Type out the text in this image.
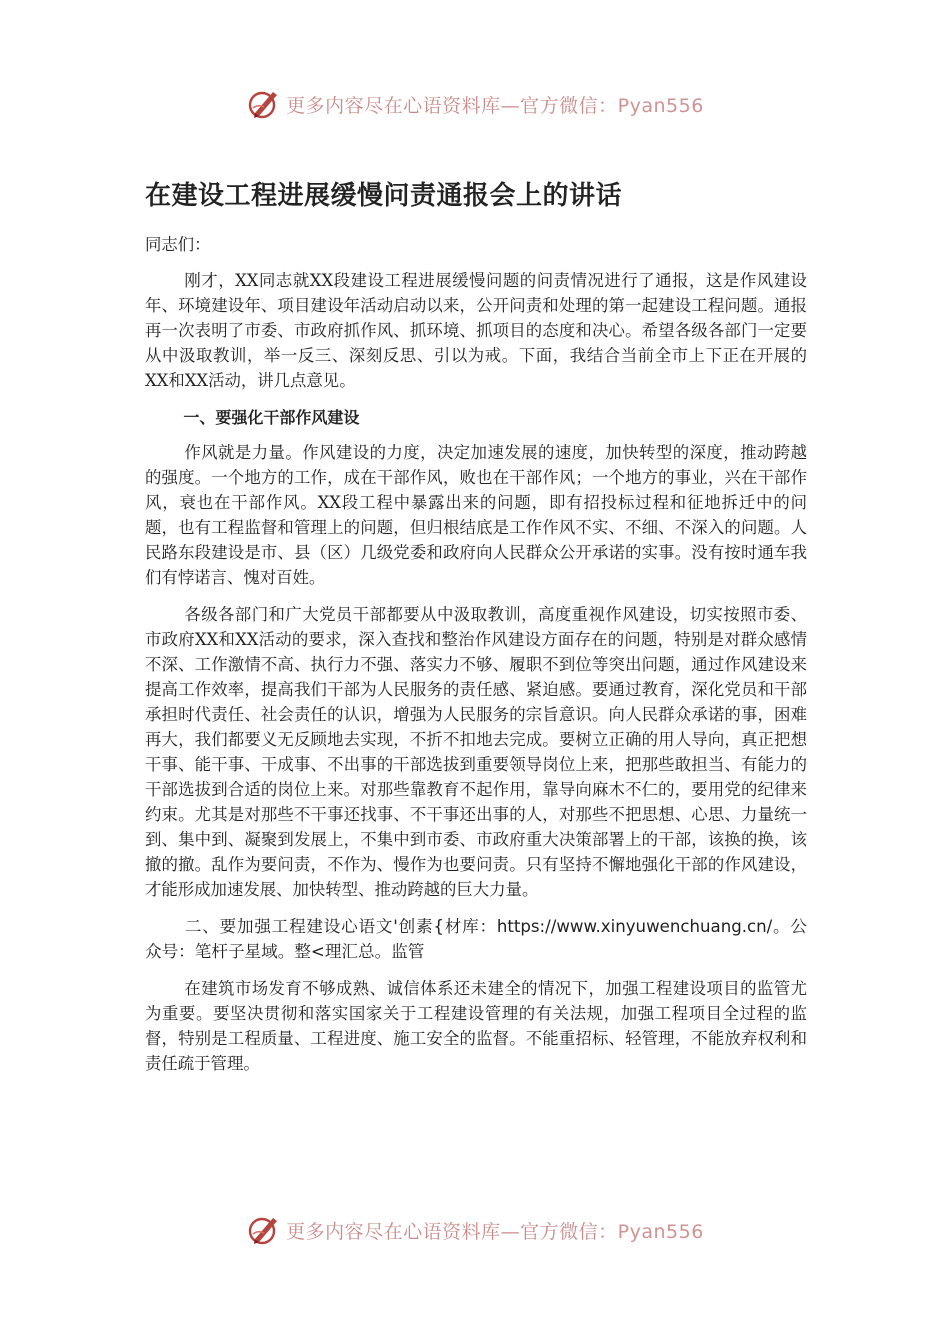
更多内容尽在心语资料库—官方微信：Pyan556
在建设工程进展缓慢问责通报会上的讲话

同志们：

刚才，XX同志就XX段建设工程进展缓慢问题的问责情况进行了通报，这是作风建设年、环境建设年、项目建设年活动启动以来，公开问责和处理的第一起建设工程问题。通报再一次表明了市委、市政府抓作风、抓环境、抓项目的态度和决心。希望各级各部门一定要从中汲取教训，举一反三、深刻反思、引以为戒。下面，我结合当前全市上下正在开展的XX和XX活动，讲几点意见。

一、要强化干部作风建设

作风就是力量。作风建设的力度，决定加速发展的速度，加快转型的深度，推动跨越的强度。一个地方的工作，成在干部作风，败也在干部作风；一个地方的事业，兴在干部作风，衰也在干部作风。XX段工程中暴露出来的问题，即有招投标过程和征地拆迁中的问题，也有工程监督和管理上的问题，但归根结底是工作作风不实、不细、不深入的问题。人民路东段建设是市、县（区）几级党委和政府向人民群众公开承诺的实事。没有按时通车我们有悖诺言、愧对百姓。

各级各部门和广大党员干部都要从中汲取教训，高度重视作风建设，切实按照市委、市政府XX和XX活动的要求，深入查找和整治作风建设方面存在的问题，特别是对群众感情不深、工作激情不高、执行力不强、落实力不够、履职不到位等突出问题，通过作风建设来提高工作效率，提高我们干部为人民服务的责任感、紧迫感。要通过教育，深化党员和干部承担时代责任、社会责任的认识，增强为人民服务的宗旨意识。向人民群众承诺的事，困难再大，我们都要义无反顾地去实现，不折不扣地去完成。要树立正确的用人导向，真正把想干事、能干事、干成事、不出事的干部选拔到重要领导岗位上来，把那些敢担当、有能力的干部选拔到合适的岗位上来。对那些靠教育不起作用，靠导向麻木不仁的，要用党的纪律来约束。尤其是对那些不干事还找事、不干事还出事的人，对那些不把思想、心思、力量统一到、集中到、凝聚到发展上，不集中到市委、市政府重大决策部署上的干部，该换的换，该撤的撤。乱作为要问责，不作为、慢作为也要问责。只有坚持不懈地强化干部的作风建设，才能形成加速发展、加快转型、推动跨越的巨大力量。

二、要加强工程建设心语文'创素{材库：https://www.xinyuwenchuang.cn/。公众号：笔杆子星域。整<理汇总。监管

在建筑市场发育不够成熟、诚信体系还未建全的情况下，加强工程建设项目的监管尤为重要。要坚决贯彻和落实国家关于工程建设管理的有关法规，加强工程项目全过程的监督，特别是工程质量、工程进度、施工安全的监督。不能重招标、轻管理，不能放弃权利和责任疏于管理。

更多内容尽在心语资料库—官方微信：Pyan556
